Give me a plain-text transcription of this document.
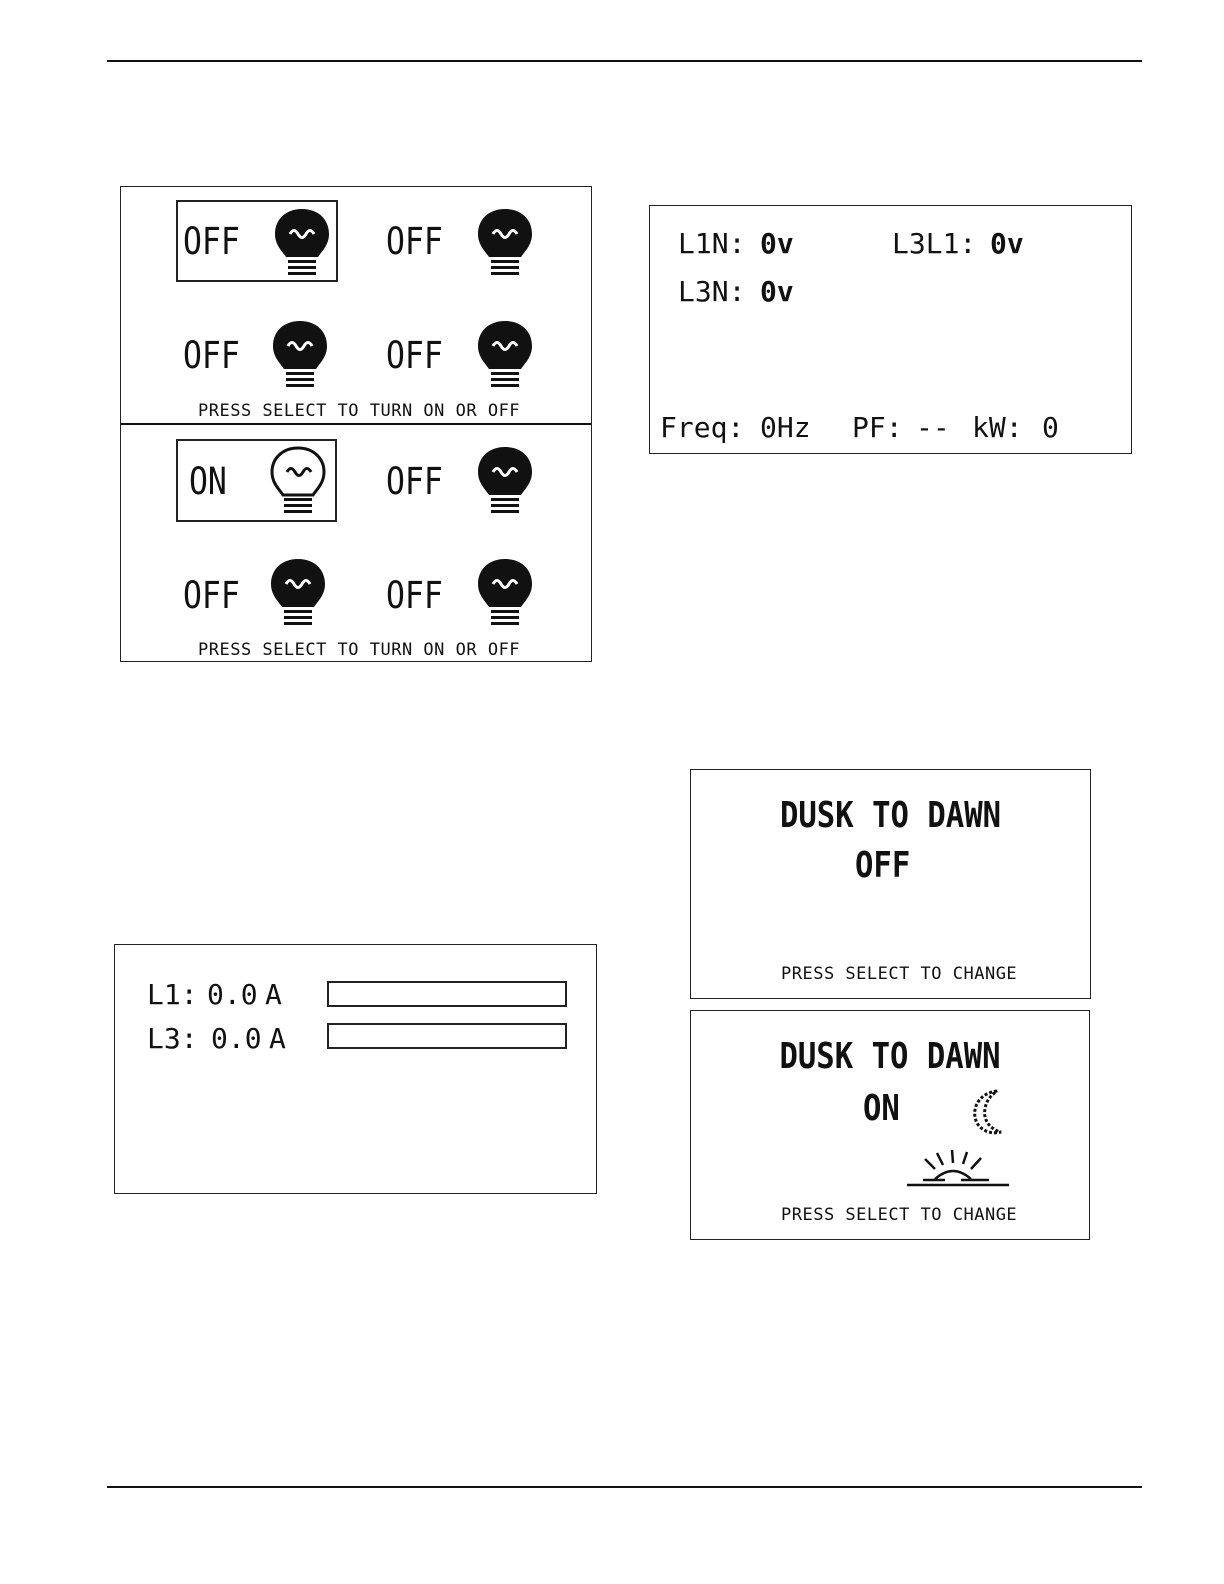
OFF	OFF
OFF	OFF
PRESS SELECT TO TURN ON OR OFF
ON	OFF
OFF	OFF
PRESS SELECT TO TURN ON OR OFF
L1N: 0v	L3L1: 0v
L3N: 0v
Freq: 0Hz PF: -- kW: 0
L1: 0.0 A
L3: 0.0 A
DUSK TO DAWN
OFF
PRESS SELECT TO CHANGE
DUSK TO DAWN
ON
PRESS SELECT TO CHANGE
